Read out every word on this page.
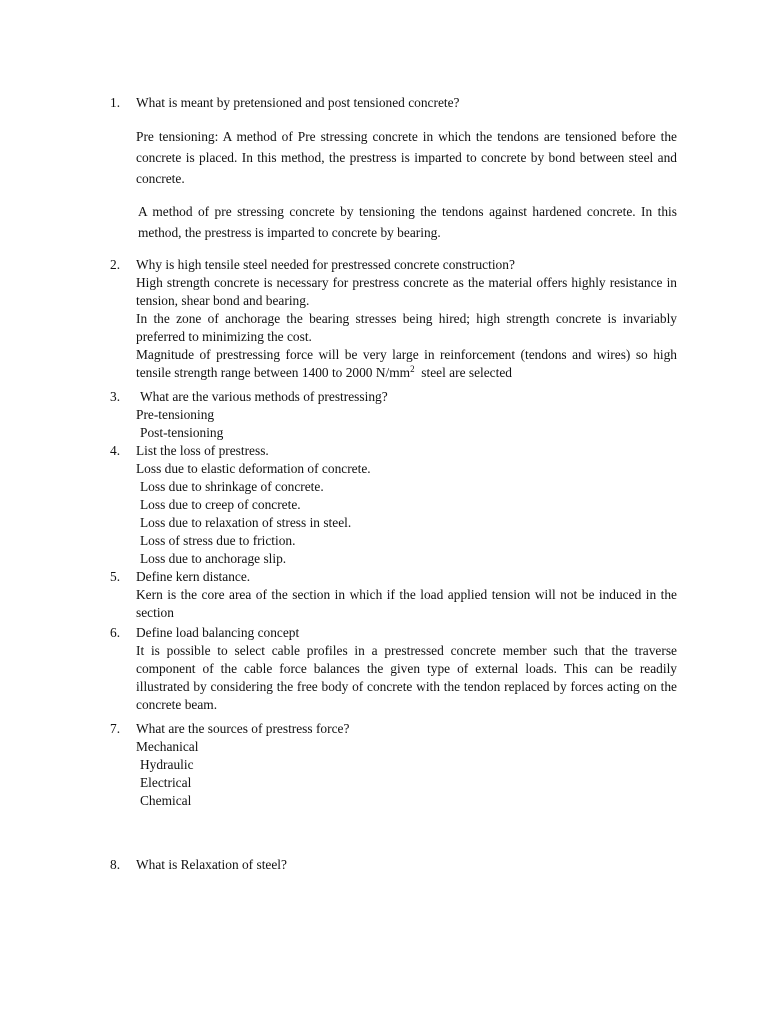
1. What is meant by pretensioned and post tensioned concrete?

Pre tensioning: A method of Pre stressing concrete in which the tendons are tensioned before the concrete is placed. In this method, the prestress is imparted to concrete by bond between steel and concrete.

A method of pre stressing concrete by tensioning the tendons against hardened concrete. In this method, the prestress is imparted to concrete by bearing.

2. Why is high tensile steel needed for prestressed concrete construction?

High strength concrete is necessary for prestress concrete as the material offers highly resistance in tension, shear bond and bearing.

In the zone of anchorage the bearing stresses being hired; high strength concrete is invariably preferred to minimizing the cost.

Magnitude of prestressing force will be very large in reinforcement (tendons and wires) so high tensile strength range between 1400 to 2000 $N/mm^2$ steel are selected

3. What are the various methods of prestressing?
Pre-tensioning
Post-tensioning
4. List the loss of prestress.
Loss due to elastic deformation of concrete.
Loss due to shrinkage of concrete.
Loss due to creep of concrete.
Loss due to relaxation of stress in steel.
Loss of stress due to friction.
Loss due to anchorage slip.
5. Define kern distance.

Kern is the core area of the section in which if the load applied tension will not be induced in the section

6. Define load balancing concept

It is possible to select cable profiles in a prestressed concrete member such that the traverse component of the cable force balances the given type of external loads. This can be readily illustrated by considering the free body of concrete with the tendon replaced by forces acting on the concrete beam.

7. What are the sources of prestress force?
Mechanical
Hydraulic
Electrical
Chemical
8. What is Relaxation of steel?
